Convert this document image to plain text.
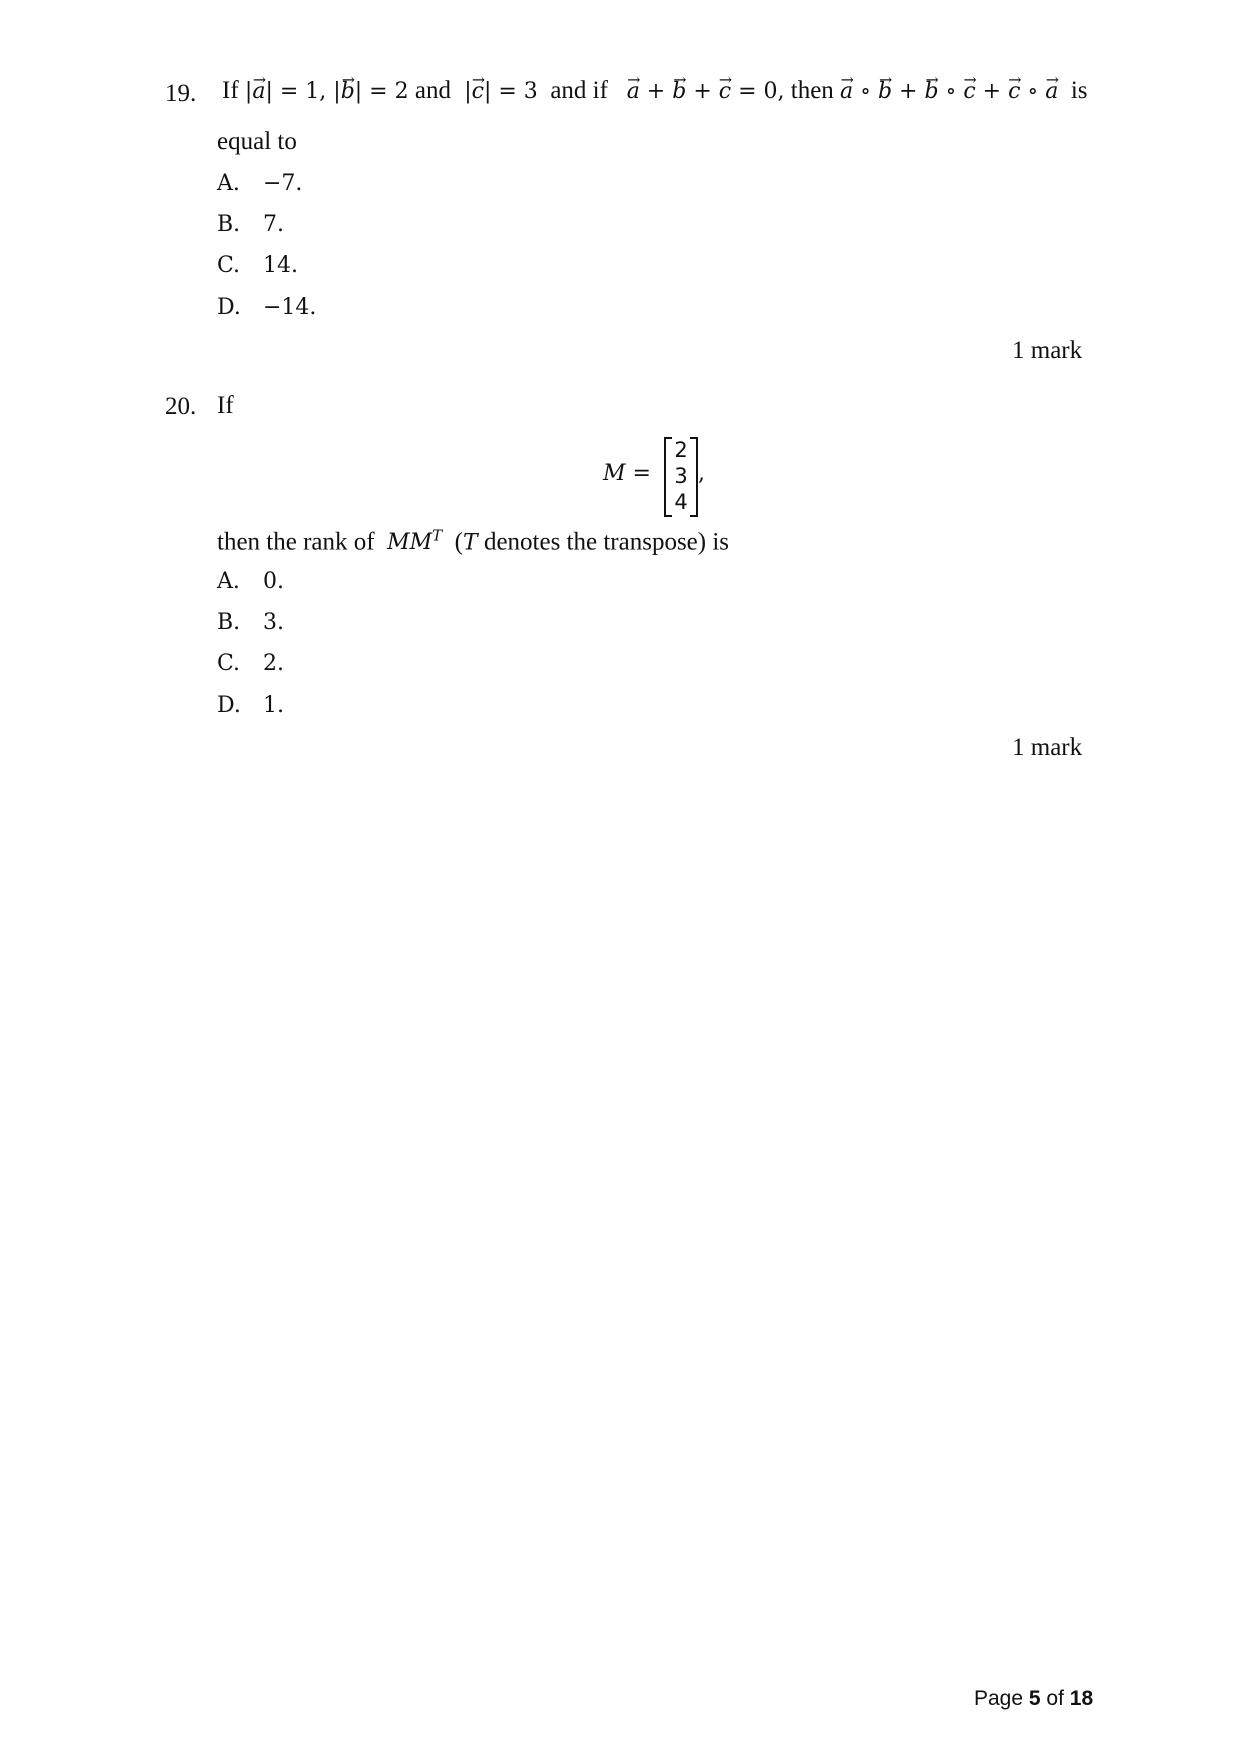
19. If |→ a| = 1, |→ b| = 2 and  |→ c| = 3 and if → a + → b + → c = 0, then → a ∘ → b + → b ∘ → c + → c ∘ → a is
equal to
A. −7.
B. 7.
C. 14.
D. −14.
1 mark
20. If
M =
2
3
4
,
then the rank of $MM^T$  (T denotes the transpose) is
A. 0.
B. 3.
C. 2.
D. 1.
1 mark
Page 5 of 18
